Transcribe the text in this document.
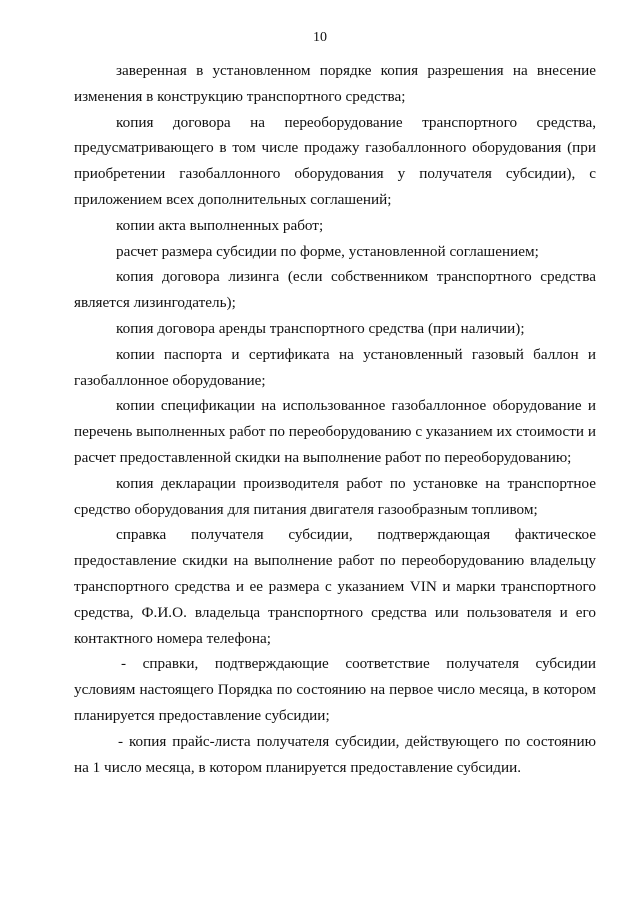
10

заверенная в установленном порядке копия разрешения на внесение изменения в конструкцию транспортного средства;

копия договора на переоборудование транспортного средства, предусматривающего в том числе продажу газобаллонного оборудования (при приобретении газобаллонного оборудования у получателя субсидии), с приложением всех дополнительных соглашений;

копии акта выполненных работ;

расчет размера субсидии по форме, установленной соглашением;

копия договора лизинга (если собственником транспортного средства является лизингодатель);

копия договора аренды транспортного средства (при наличии);

копии паспорта и сертификата на установленный газовый баллон и газобаллонное оборудование;

копии спецификации на использованное газобаллонное оборудование и перечень выполненных работ по переоборудованию с указанием их стоимости и расчет предоставленной скидки на выполнение работ по переоборудованию;

копия декларации производителя работ по установке на транспортное средство оборудования для питания двигателя газообразным топливом;

справка получателя субсидии, подтверждающая фактическое предоставление скидки на выполнение работ по переоборудованию владельцу транспортного средства и ее размера с указанием VIN и марки транспортного средства, Ф.И.О. владельца транспортного средства или пользователя и его контактного номера телефона;

- справки, подтверждающие соответствие получателя субсидии условиям настоящего Порядка по состоянию на первое число месяца, в котором планируется предоставление субсидии;

- копия прайс-листа получателя субсидии, действующего по состоянию на 1 число месяца, в котором планируется предоставление субсидии.
